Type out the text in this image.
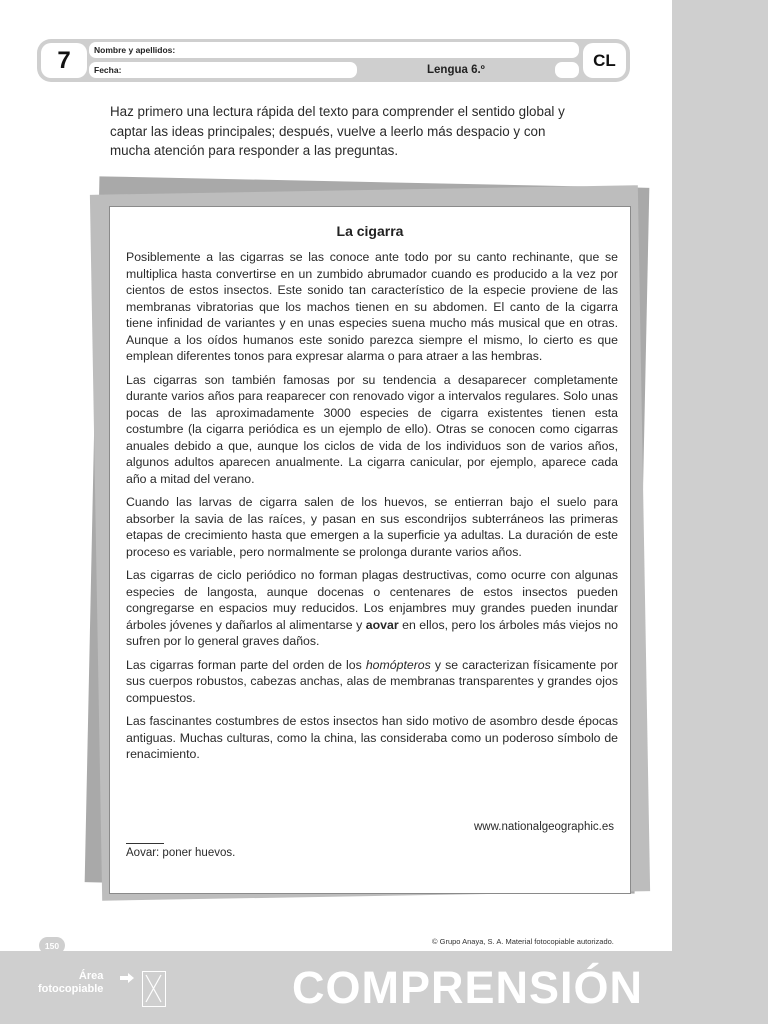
7	Nombre y apellidos:
Fecha:	Lengua 6.º
CL

Haz primero una lectura rápida del texto para comprender el sentido global y captar las ideas principales; después, vuelve a leerlo más despacio y con mucha atención para responder a las preguntas.

La cigarra

Posiblemente a las cigarras se las conoce ante todo por su canto rechinante, que se multiplica hasta convertirse en un zumbido abrumador cuando es producido a la vez por cientos de estos insectos. Este sonido tan característico de la especie proviene de las membranas vibratorias que los machos tienen en su abdomen. El canto de la cigarra tiene infinidad de variantes y en unas especies suena mucho más musical que en otras. Aunque a los oídos humanos este sonido parezca siempre el mismo, lo cierto es que emplean diferentes tonos para expresar alarma o para atraer a las hembras.

Las cigarras son también famosas por su tendencia a desaparecer completamente durante varios años para reaparecer con renovado vigor a intervalos regulares. Solo unas pocas de las aproximadamente 3000 especies de cigarra existentes tienen esta costumbre (la cigarra periódica es un ejemplo de ello). Otras se conocen como cigarras anuales debido a que, aunque los ciclos de vida de los individuos son de varios años, algunos adultos aparecen anualmente. La cigarra canicular, por ejemplo, aparece cada año a mitad del verano.

Cuando las larvas de cigarra salen de los huevos, se entierran bajo el suelo para absorber la savia de las raíces, y pasan en sus escondrijos subterráneos las primeras etapas de crecimiento hasta que emergen a la superficie ya adultas. La duración de este proceso es variable, pero normalmente se prolonga durante varios años.

Las cigarras de ciclo periódico no forman plagas destructivas, como ocurre con algunas especies de langosta, aunque docenas o centenares de estos insectos pueden congregarse en espacios muy reducidos. Los enjambres muy grandes pueden inundar árboles jóvenes y dañarlos al alimentarse y aovar en ellos, pero los árboles más viejos no sufren por lo general graves daños.

Las cigarras forman parte del orden de los homópteros y se caracterizan físicamente por sus cuerpos robustos, cabezas anchas, alas de membranas transparentes y grandes ojos compuestos.

Las fascinantes costumbres de estos insectos han sido motivo de asombro desde épocas antiguas. Muchas culturas, como la china, las consideraba como un poderoso símbolo de renacimiento.

www.nationalgeographic.es
Aovar: poner huevos.
150	© Grupo Anaya, S. A. Material fotocopiable autorizado.
Área
fotocopiable	COMPRENSIÓN
